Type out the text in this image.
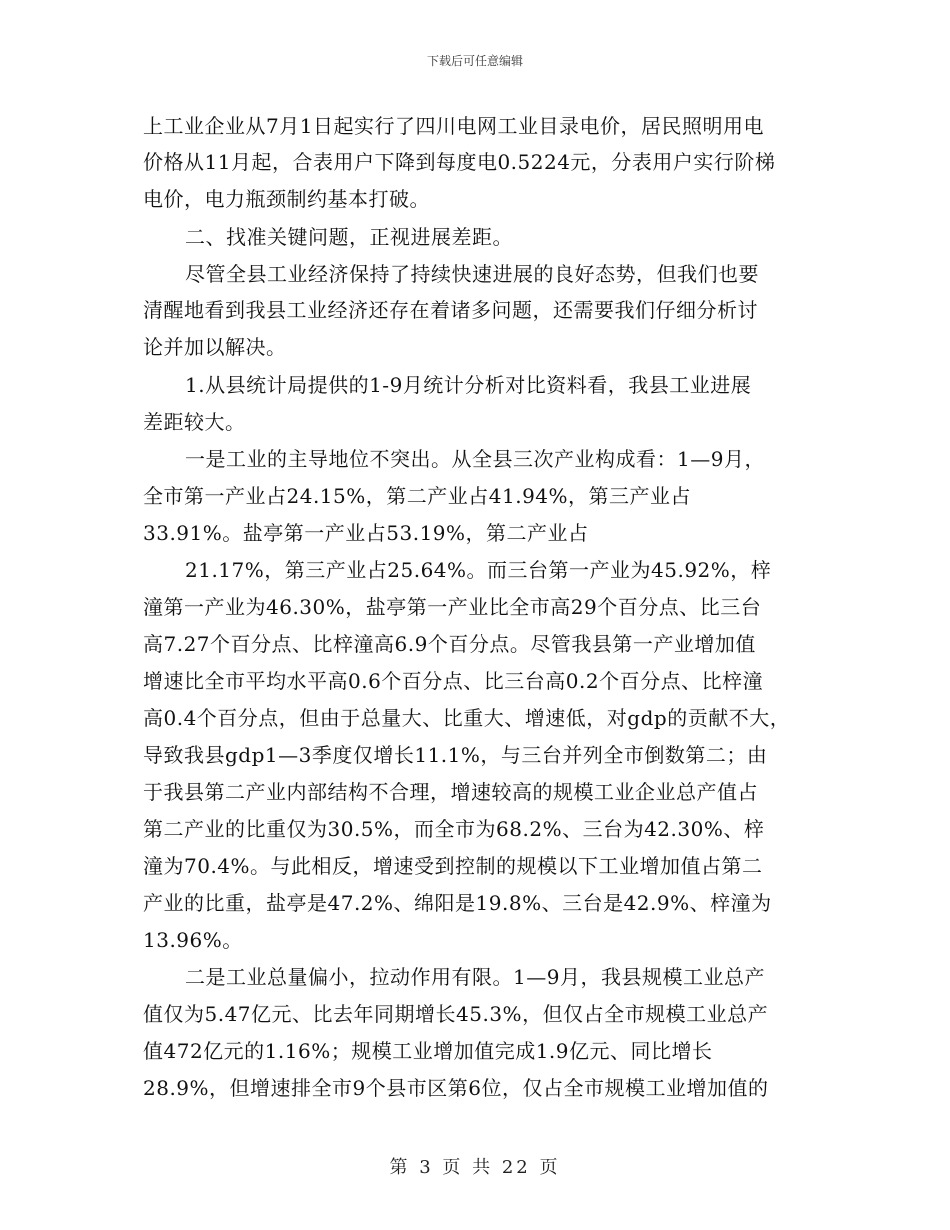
下载后可任意编辑
上工业企业从7月1日起实行了四川电网工业目录电价，居民照明用电
价格从11月起，合表用户下降到每度电0.5224元，分表用户实行阶梯
电价，电力瓶颈制约基本打破。
二、找准关键问题，正视进展差距。
尽管全县工业经济保持了持续快速进展的良好态势，但我们也要
清醒地看到我县工业经济还存在着诸多问题，还需要我们仔细分析讨
论并加以解决。
1.从县统计局提供的1-9月统计分析对比资料看，我县工业进展
差距较大。
一是工业的主导地位不突出。从全县三次产业构成看：1—9月，
全市第一产业占24.15%，第二产业占41.94%，第三产业占
33.91%。盐亭第一产业占53.19%，第二产业占
21.17%，第三产业占25.64%。而三台第一产业为45.92%，梓
潼第一产业为46.30%，盐亭第一产业比全市高29个百分点、比三台
高7.27个百分点、比梓潼高6.9个百分点。尽管我县第一产业增加值
增速比全市平均水平高0.6个百分点、比三台高0.2个百分点、比梓潼
高0.4个百分点，但由于总量大、比重大、增速低，对gdp的贡献不大，
导致我县gdp1—3季度仅增长11.1%，与三台并列全市倒数第二；由
于我县第二产业内部结构不合理，增速较高的规模工业企业总产值占
第二产业的比重仅为30.5%，而全市为68.2%、三台为42.30%、梓
潼为70.4%。与此相反，增速受到控制的规模以下工业增加值占第二
产业的比重，盐亭是47.2%、绵阳是19.8%、三台是42.9%、梓潼为
13.96%。
二是工业总量偏小，拉动作用有限。1—9月，我县规模工业总产
值仅为5.47亿元、比去年同期增长45.3%，但仅占全市规模工业总产
值472亿元的1.16%；规模工业增加值完成1.9亿元、同比增长
28.9%，但增速排全市9个县市区第6位，仅占全市规模工业增加值的
第 3 页 共 22 页
